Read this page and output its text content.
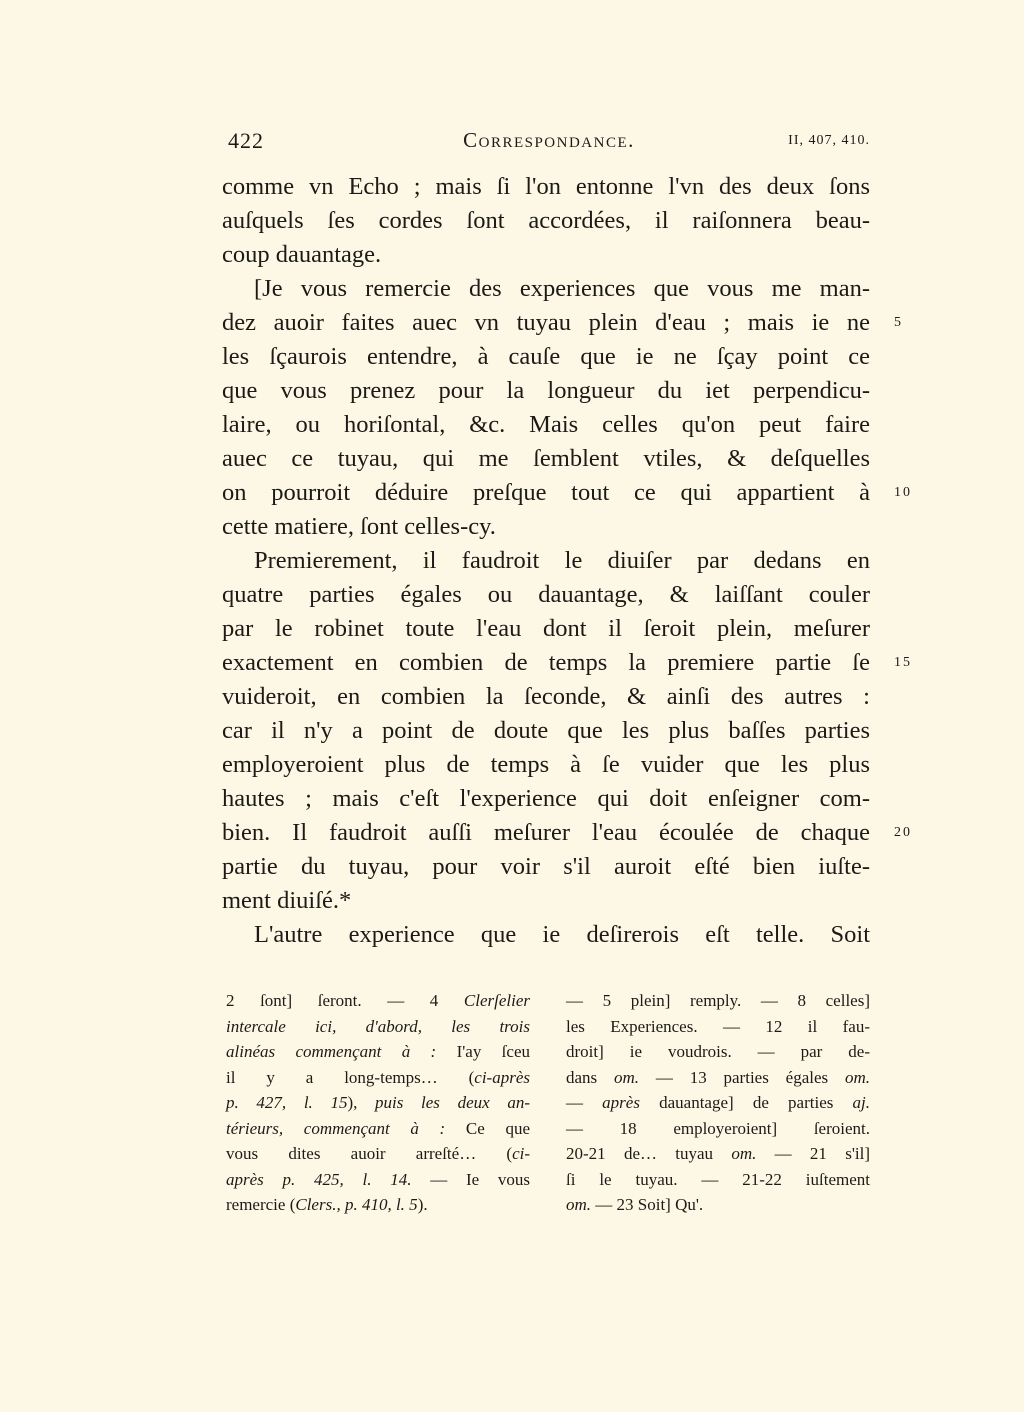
422	Correspondance.	II, 407, 410.
comme vn Echo ; mais ſi l'on entonne l'vn des deux ſons
auſquels ſes cordes ſont accordées, il raiſonnera beau-
coup dauantage.
[Je vous remercie des experiences que vous me man-
dez auoir faites auec vn tuyau plein d'eau ; mais ie ne 5
les ſçaurois entendre, à cauſe que ie ne ſçay point ce
que vous prenez pour la longueur du iet perpendicu-
laire, ou horiſontal, &c. Mais celles qu'on peut faire
auec ce tuyau, qui me ſemblent vtiles, & deſquelles
on pourroit déduire preſque tout ce qui appartient à 10
cette matiere, ſont celles-cy.
Premierement, il faudroit le diuiſer par dedans en
quatre parties égales ou dauantage, & laiſſant couler
par le robinet toute l'eau dont il ſeroit plein, meſurer
exactement en combien de temps la premiere partie ſe 15
vuideroit, en combien la ſeconde, & ainſi des autres :
car il n'y a point de doute que les plus baſſes parties
employeroient plus de temps à ſe vuider que les plus
hautes ; mais c'eſt l'experience qui doit enſeigner com-
bien. Il faudroit auſſi meſurer l'eau écoulée de chaque 20
partie du tuyau, pour voir s'il auroit eſté bien iuſte-
ment diuiſé.*
L'autre experience que ie deſirerois eſt telle. Soit
2 ſont] ſeront. — 4 Clerſelier
intercale ici, d'abord, les trois
alinéas commençant à : I'ay ſceu
il y a long-temps… (ci-après
p. 427, l. 15), puis les deux an-
térieurs, commençant à : Ce que
vous dites auoir arreſté… (ci-
après p. 425, l. 14. — Ie vous
remercie (Clers., p. 410, l. 5).
— 5 plein] remply. — 8 celles]
les Experiences. — 12 il fau-
droit] ie voudrois. — par de-
dans om. — 13 parties égales om.
— après dauantage] de parties aj.
— 18 employeroient] ſeroient.
20-21 de… tuyau om. — 21 s'il]
ſi le tuyau. — 21-22 iuſtement
om. — 23 Soit] Qu'.
